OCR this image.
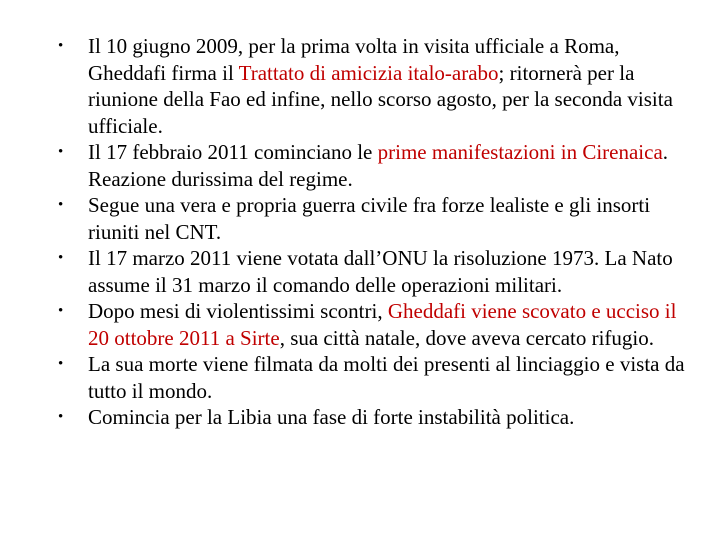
•	Il 10 giugno 2009, per la prima volta in visita ufficiale a Roma, Gheddafi firma il Trattato di amicizia italo-arabo; ritornerà per la riunione della Fao ed infine, nello scorso agosto, per la seconda visita ufficiale.
•	Il 17 febbraio 2011 cominciano le prime manifestazioni in Cirenaica. Reazione durissima del regime.
•	Segue una vera e propria guerra civile fra forze lealiste e gli insorti riuniti nel CNT.
•	Il 17 marzo 2011 viene votata dall’ONU la risoluzione 1973. La Nato assume il 31 marzo il comando delle operazioni militari.
•	Dopo mesi di violentissimi scontri, Gheddafi viene scovato e ucciso il 20 ottobre 2011 a Sirte, sua città natale, dove aveva cercato rifugio.
•	La sua morte viene filmata da molti dei presenti al linciaggio e vista da tutto il mondo.
•	Comincia per la Libia una fase di forte instabilità politica.
